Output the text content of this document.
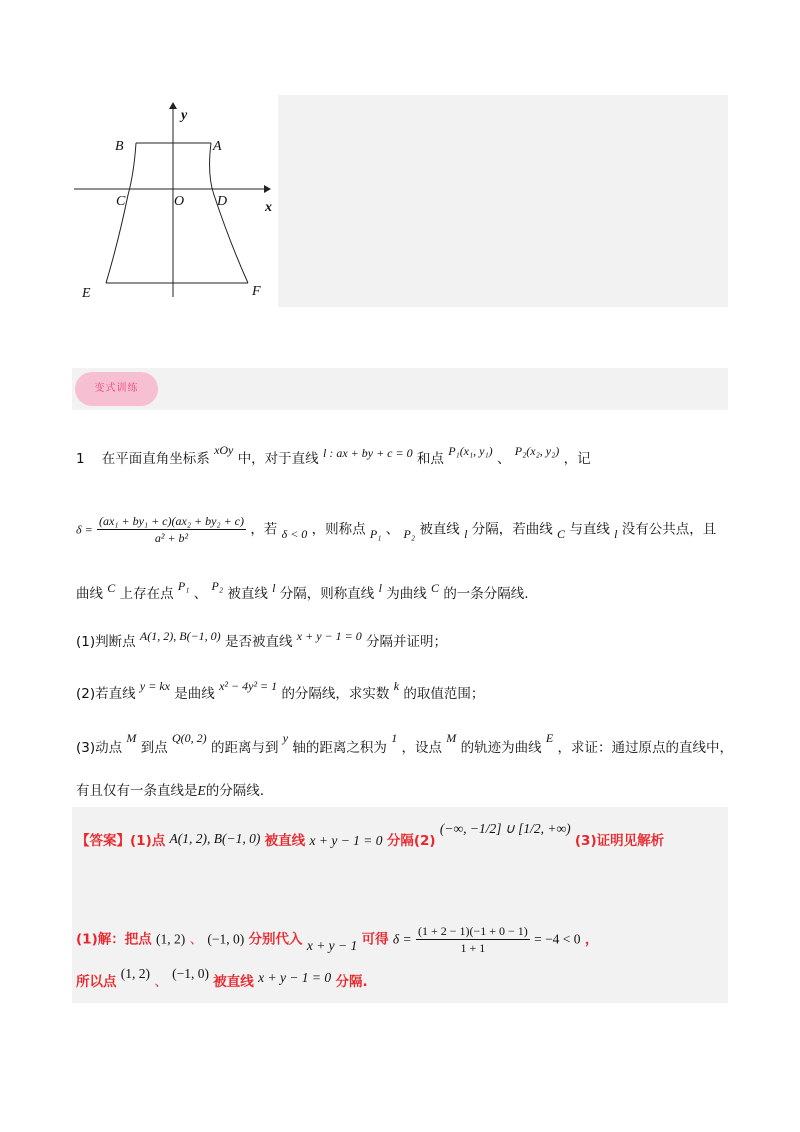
y
x
A
B
C	O D
E	F
变式训练
1 在平面直角坐标系 xOy 中，对于直线 l : ax + by + c = 0 和点 P₁(x₁, y₁) 、 P₂(x₂, y₂) ，记
$\delta = \frac{\text{(ax₁ + by₁ + c)(ax₂ + by₂ + c)}}{\text{a² + b²}}$ ，若 δ < 0 ，则称点 P₁ 、 P₂ 被直线 l 分隔，若曲线 C 与直线 l 没有公共点，且
曲线 C 上存在点 P₁ 、 P₂ 被直线 l 分隔，则称直线 l 为曲线 C 的一条分隔线.
(1)判断点 A(1, 2), B(−1, 0) 是否被直线 x + y − 1 = 0 分隔并证明；
(2)若直线 y = kx 是曲线 x² − 4y² = 1 的分隔线，求实数 k 的取值范围；
(3)动点 M 到点 Q(0, 2) 的距离与到 y 轴的距离之积为 1 ，设点 M 的轨迹为曲线 E ，求证：通过原点的直线中，
有且仅有一条直线是E的分隔线.
【答案】(1)点 A(1, 2), B(−1, 0) 被直线 x + y − 1 = 0 分隔(2) (−∞, −1/2] ∪ [1/2, +∞) (3)证明见解析
(1)解：把点 (1, 2) 、 (−1, 0) 分别代入 x + y − 1 可得 $\delta = \frac{(1 + 2 - 1)(-1 + 0 - 1)}{1 + 1} = -4 < 0$ ，
所以点 (1, 2) 、 (−1, 0) 被直线 x + y − 1 = 0 分隔.
